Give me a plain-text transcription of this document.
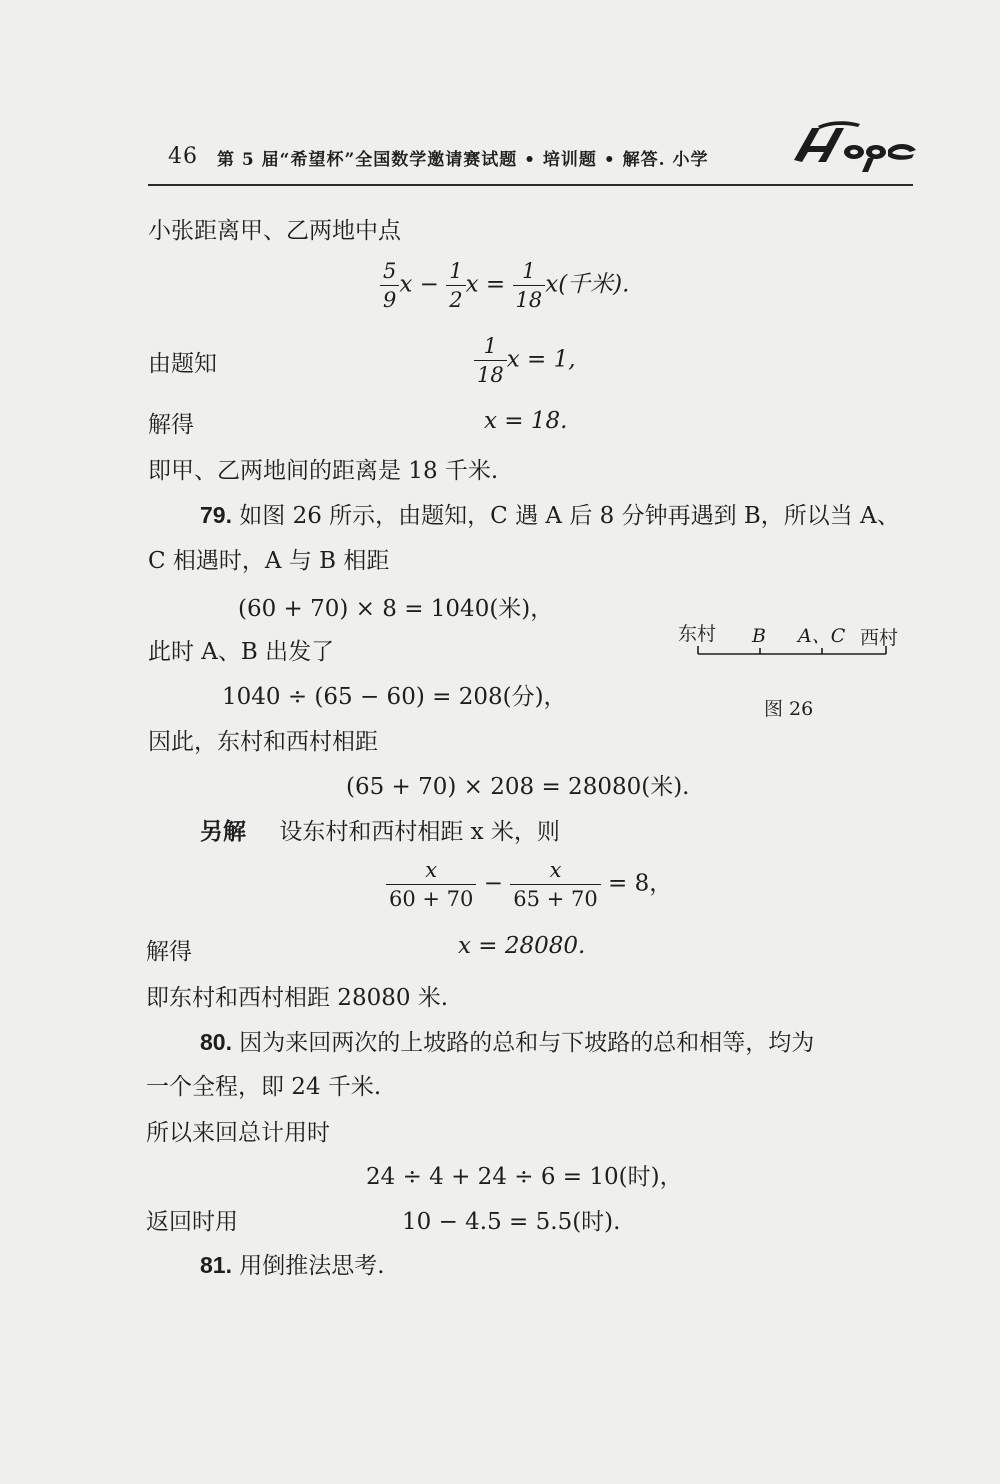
46 第 5 届“希望杯”全国数学邀请赛试题 • 培训题 • 解答. 小学
小张距离甲、乙两地中点
$\frac{5}{9}$ $x - \frac{1}{2}$ $x = \frac{1}{18} x$(千米).
由题知	$\frac{1}{18}$ x = 1,
解得	x = 18.
即甲、乙两地间的距离是 18 千米.
79. 如图 26 所示，由题知，C 遇 A 后 8 分钟再遇到 B，所以当 A、
C 相遇时，A 与 B 相距
(60 + 70) × 8 = 1040(米)，
此时 A、B 出发了
1040 ÷ (65 − 60) = 208(分)，
因此，东村和西村相距
(65 + 70) × 208 = 28080(米).
另解 设东村和西村相距 x 米，则
$\frac{x}{60 + 70} - \frac{x}{65 + 70} = 8$，
解得	x = 28080.
即东村和西村相距 28080 米.
80. 因为来回两次的上坡路的总和与下坡路的总和相等，均为
一个全程，即 24 千米.
所以来回总计用时
24 ÷ 4 + 24 ÷ 6 = 10(时)，
返回时用	10 − 4.5 = 5.5(时).
81. 用倒推法思考.
东村 B A、C 西村
图 26
